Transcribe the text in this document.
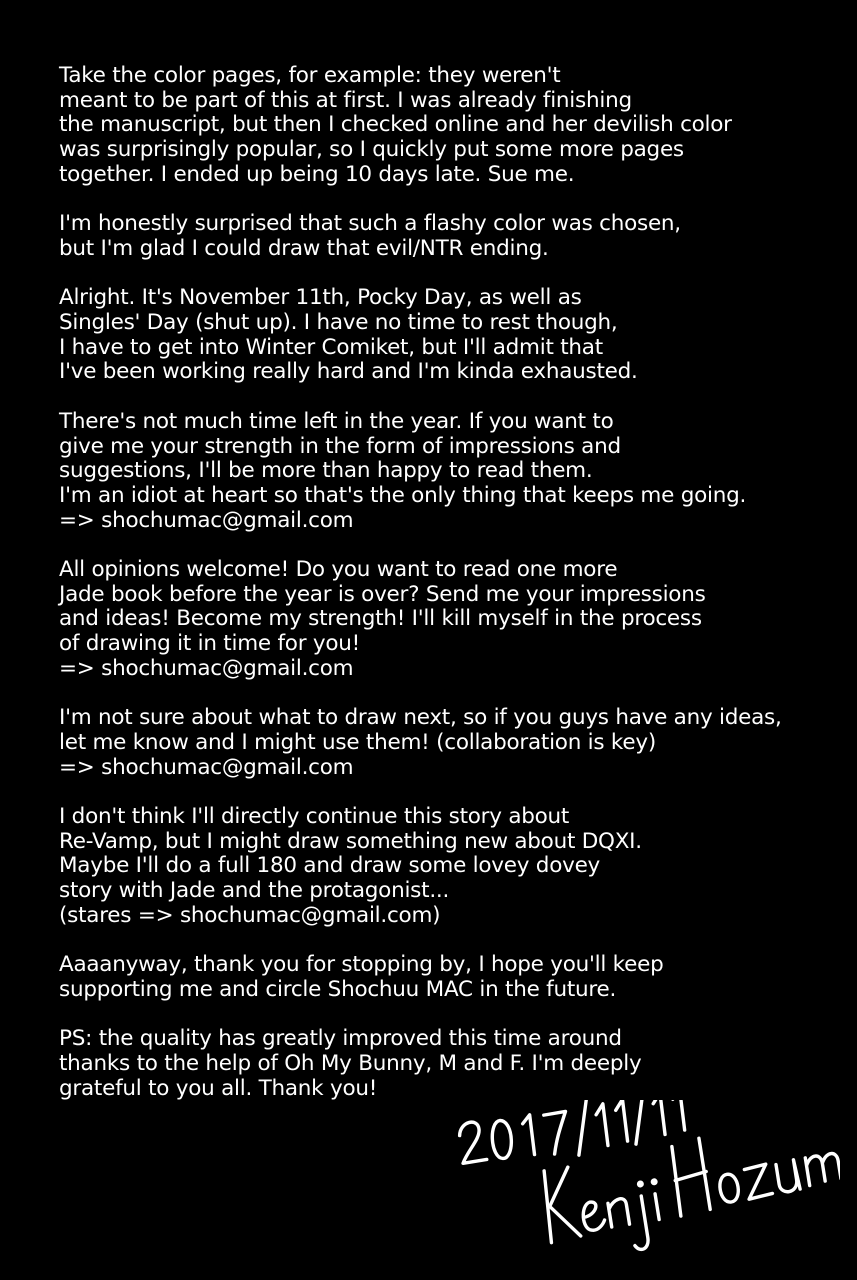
Take the color pages, for example: they weren't
meant to be part of this at first. I was already finishing
the manuscript, but then I checked online and her devilish color
was surprisingly popular, so I quickly put some more pages
together. I ended up being 10 days late. Sue me.

I'm honestly surprised that such a flashy color was chosen,
but I'm glad I could draw that evil/NTR ending.

Alright. It's November 11th, Pocky Day, as well as
Singles' Day (shut up). I have no time to rest though,
I have to get into Winter Comiket, but I'll admit that
I've been working really hard and I'm kinda exhausted.

There's not much time left in the year. If you want to
give me your strength in the form of impressions and
suggestions, I'll be more than happy to read them.
I'm an idiot at heart so that's the only thing that keeps me going.
=> shochumac@gmail.com

All opinions welcome! Do you want to read one more
Jade book before the year is over? Send me your impressions
and ideas! Become my strength! I'll kill myself in the process
of drawing it in time for you!
=> shochumac@gmail.com

I'm not sure about what to draw next, so if you guys have any ideas,
let me know and I might use them! (collaboration is key)
=> shochumac@gmail.com

I don't think I'll directly continue this story about
Re-Vamp, but I might draw something new about DQXI.
Maybe I'll do a full 180 and draw some lovey dovey
story with Jade and the protagonist...
(stares => shochumac@gmail.com)

Aaaanyway, thank you for stopping by, I hope you'll keep
supporting me and circle Shochuu MAC in the future.

PS: the quality has greatly improved this time around
thanks to the help of Oh My Bunny, M and F. I'm deeply
grateful to you all. Thank you!
